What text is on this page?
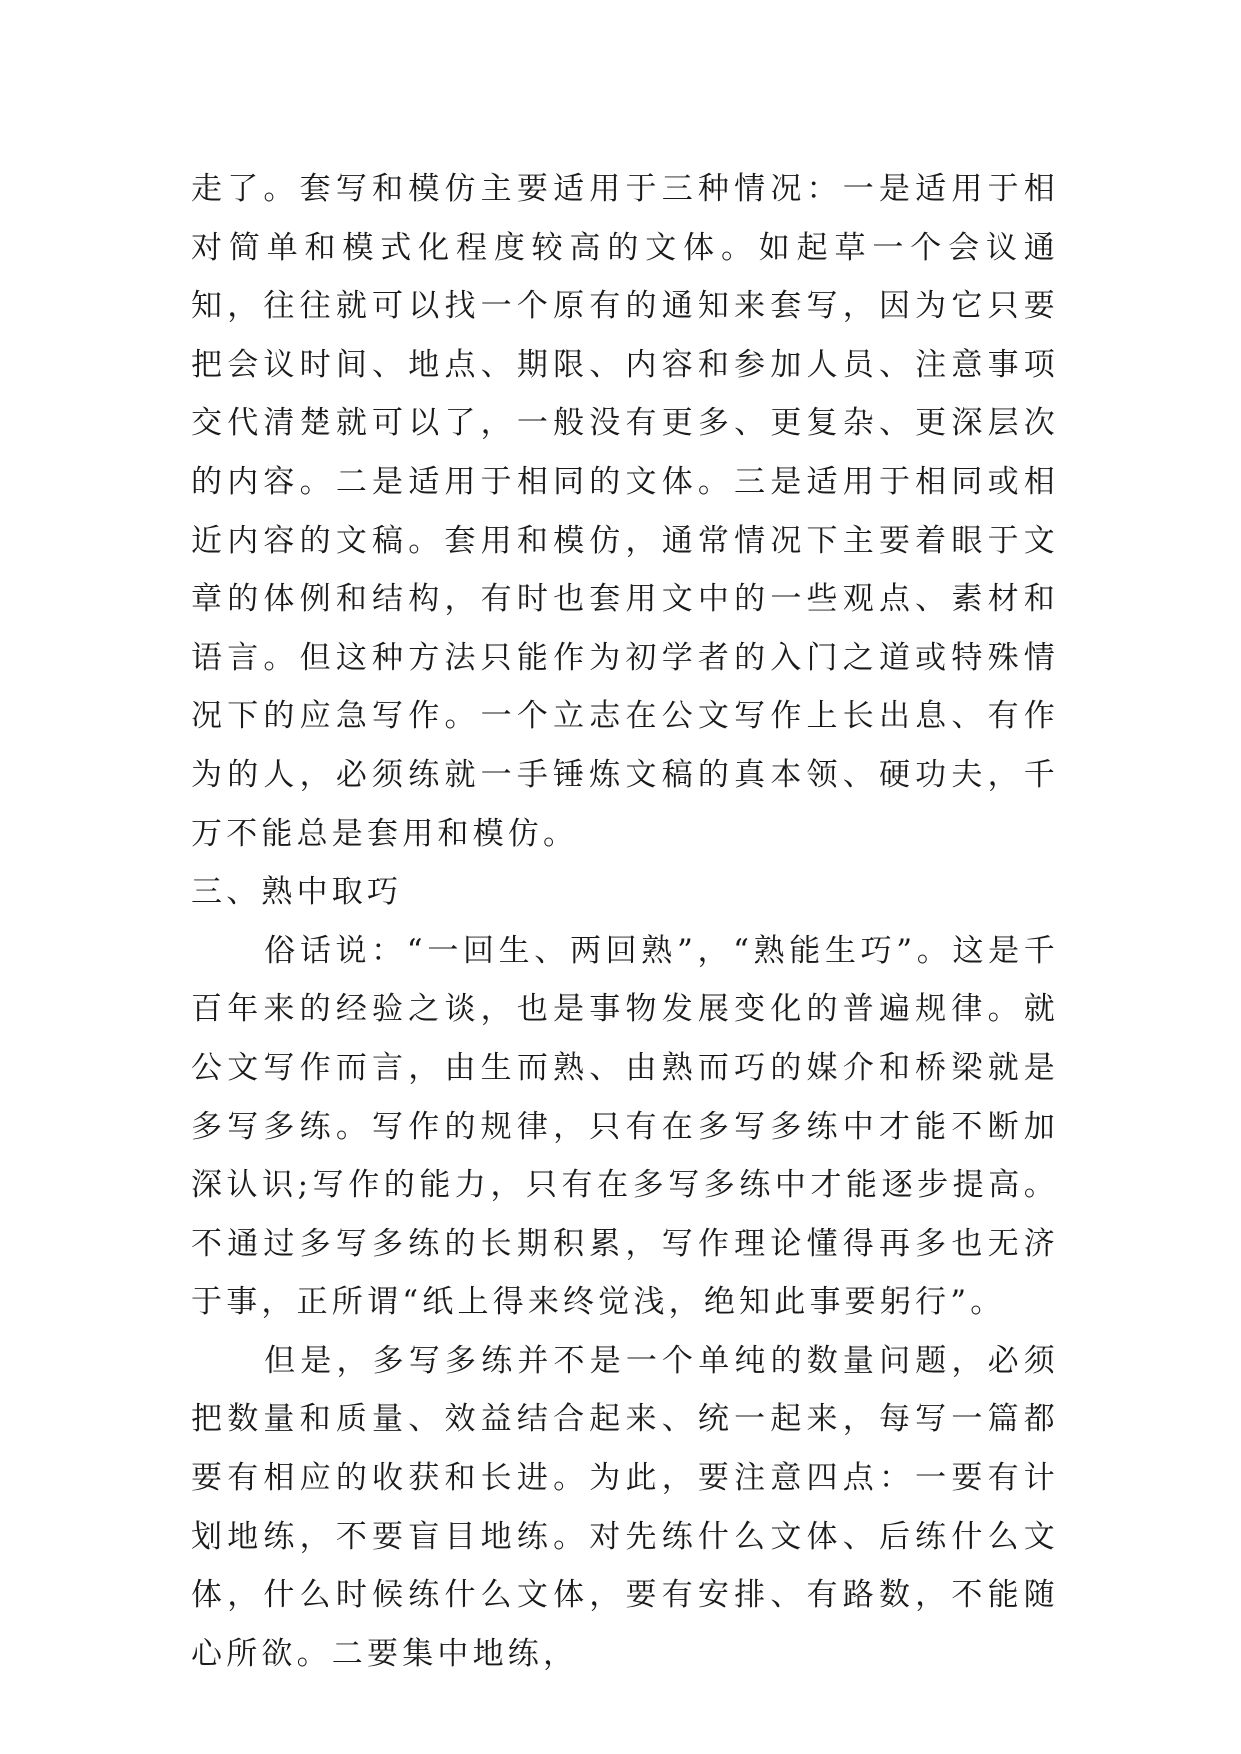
走了。套写和模仿主要适用于三种情况：一是适用于相对简单和模式化程度较高的文体。如起草一个会议通知，往往就可以找一个原有的通知来套写，因为它只要把会议时间、地点、期限、内容和参加人员、注意事项交代清楚就可以了，一般没有更多、更复杂、更深层次的内容。二是适用于相同的文体。三是适用于相同或相近内容的文稿。套用和模仿，通常情况下主要着眼于文章的体例和结构，有时也套用文中的一些观点、素材和语言。但这种方法只能作为初学者的入门之道或特殊情况下的应急写作。一个立志在公文写作上长出息、有作为的人，必须练就一手锤炼文稿的真本领、硬功夫，千万不能总是套用和模仿。

三、熟中取巧

俗话说：“一回生、两回熟”，“熟能生巧”。这是千百年来的经验之谈，也是事物发展变化的普遍规律。就公文写作而言，由生而熟、由熟而巧的媒介和桥梁就是多写多练。写作的规律，只有在多写多练中才能不断加深认识;写作的能力，只有在多写多练中才能逐步提高。不通过多写多练的长期积累，写作理论懂得再多也无济于事，正所谓“纸上得来终觉浅，绝知此事要躬行”。

但是，多写多练并不是一个单纯的数量问题，必须把数量和质量、效益结合起来、统一起来，每写一篇都要有相应的收获和长进。为此，要注意四点：一要有计划地练，不要盲目地练。对先练什么文体、后练什么文体，什么时候练什么文体，要有安排、有路数，不能随心所欲。二要集中地练，
